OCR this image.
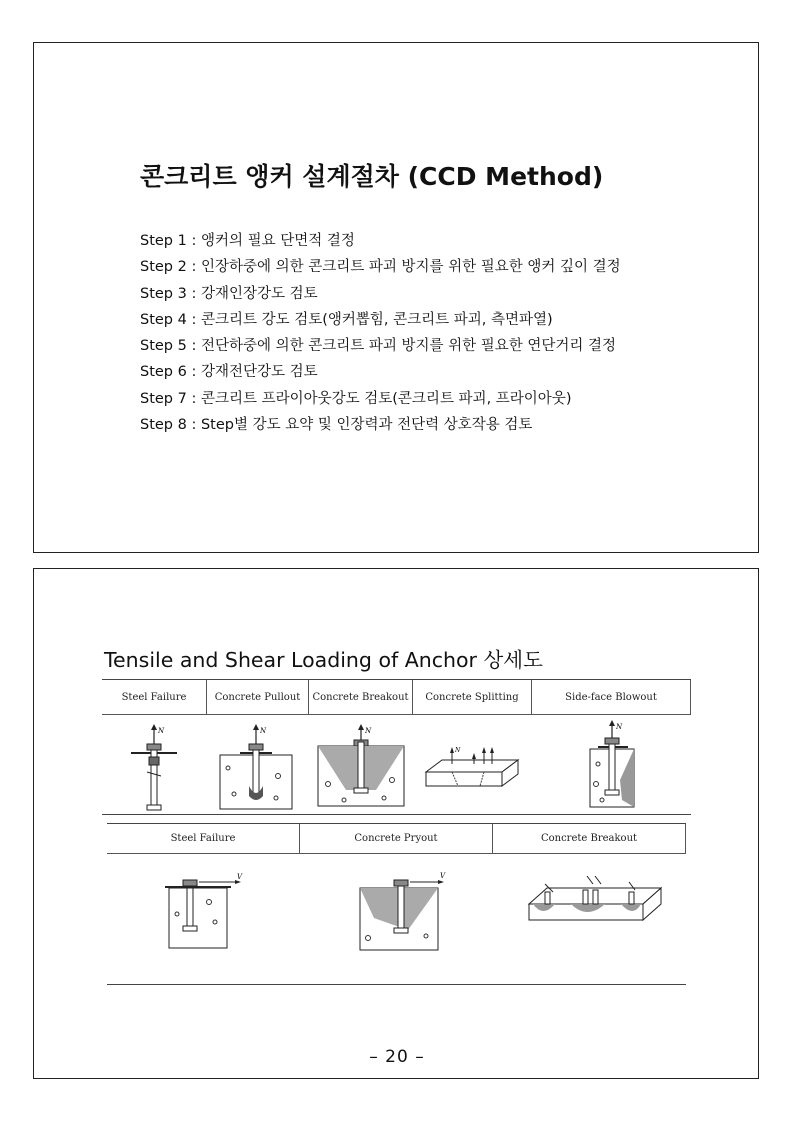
콘크리트 앵커 설계절차 (CCD Method)
Step 1 : 앵커의 필요 단면적 결정
Step 2 : 인장하중에 의한 콘크리트 파괴 방지를 위한 필요한 앵커 깊이 결정
Step 3 : 강재인장강도 검토
Step 4 : 콘크리트 강도 검토(앵커뽑힘, 콘크리트 파괴, 측면파열)
Step 5 : 전단하중에 의한 콘크리트 파괴 방지를 위한 필요한 연단거리 결정
Step 6 : 강재전단강도 검토
Step 7 : 콘크리트 프라이아웃강도 검토(콘크리트 파괴, 프라이아웃)
Step 8 : Step별 강도 요약 및 인장력과 전단력 상호작용 검토
Tensile and Shear Loading of Anchor 상세도
Steel Failure	Concrete Pullout	Concrete Breakout	Concrete Splitting	Side-face Blowout
N	N	N
N
N
Steel Failure	Concrete Pryout	Concrete Breakout
V	V
– 20 –
